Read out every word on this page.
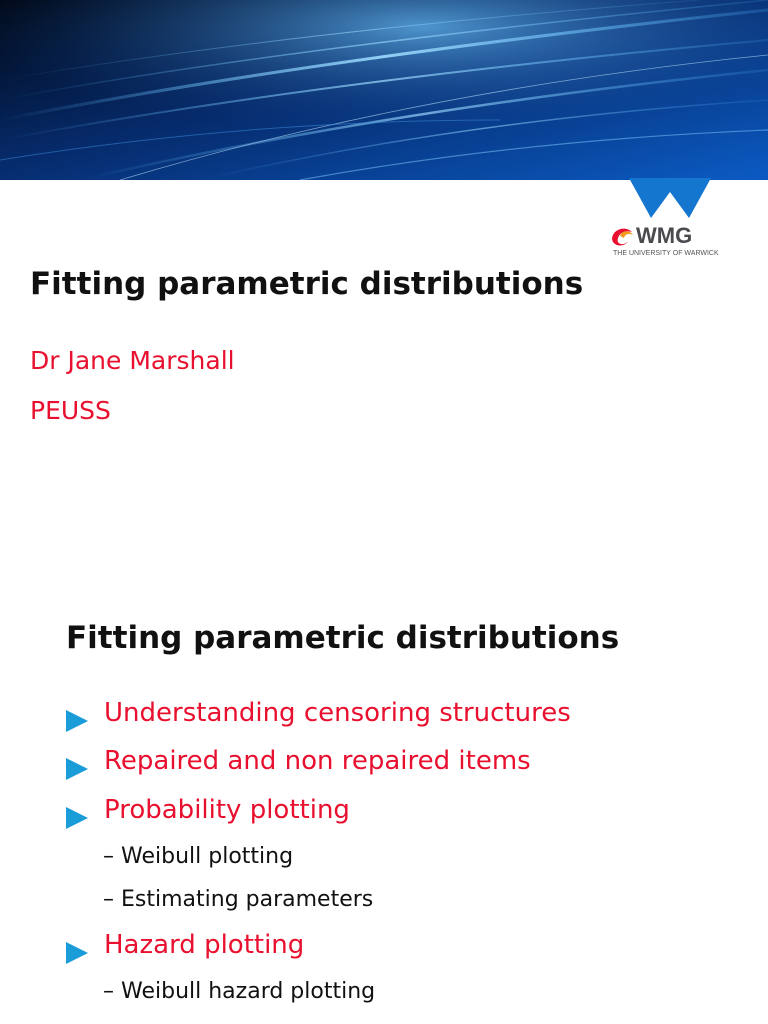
WMG
THE UNIVERSITY OF WARWICK
Fitting parametric distributions
Dr Jane Marshall
PEUSS
Fitting parametric distributions
Understanding censoring structures
Repaired and non repaired items
Probability plotting
– Weibull plotting
– Estimating parameters
Hazard plotting
– Weibull hazard plotting
